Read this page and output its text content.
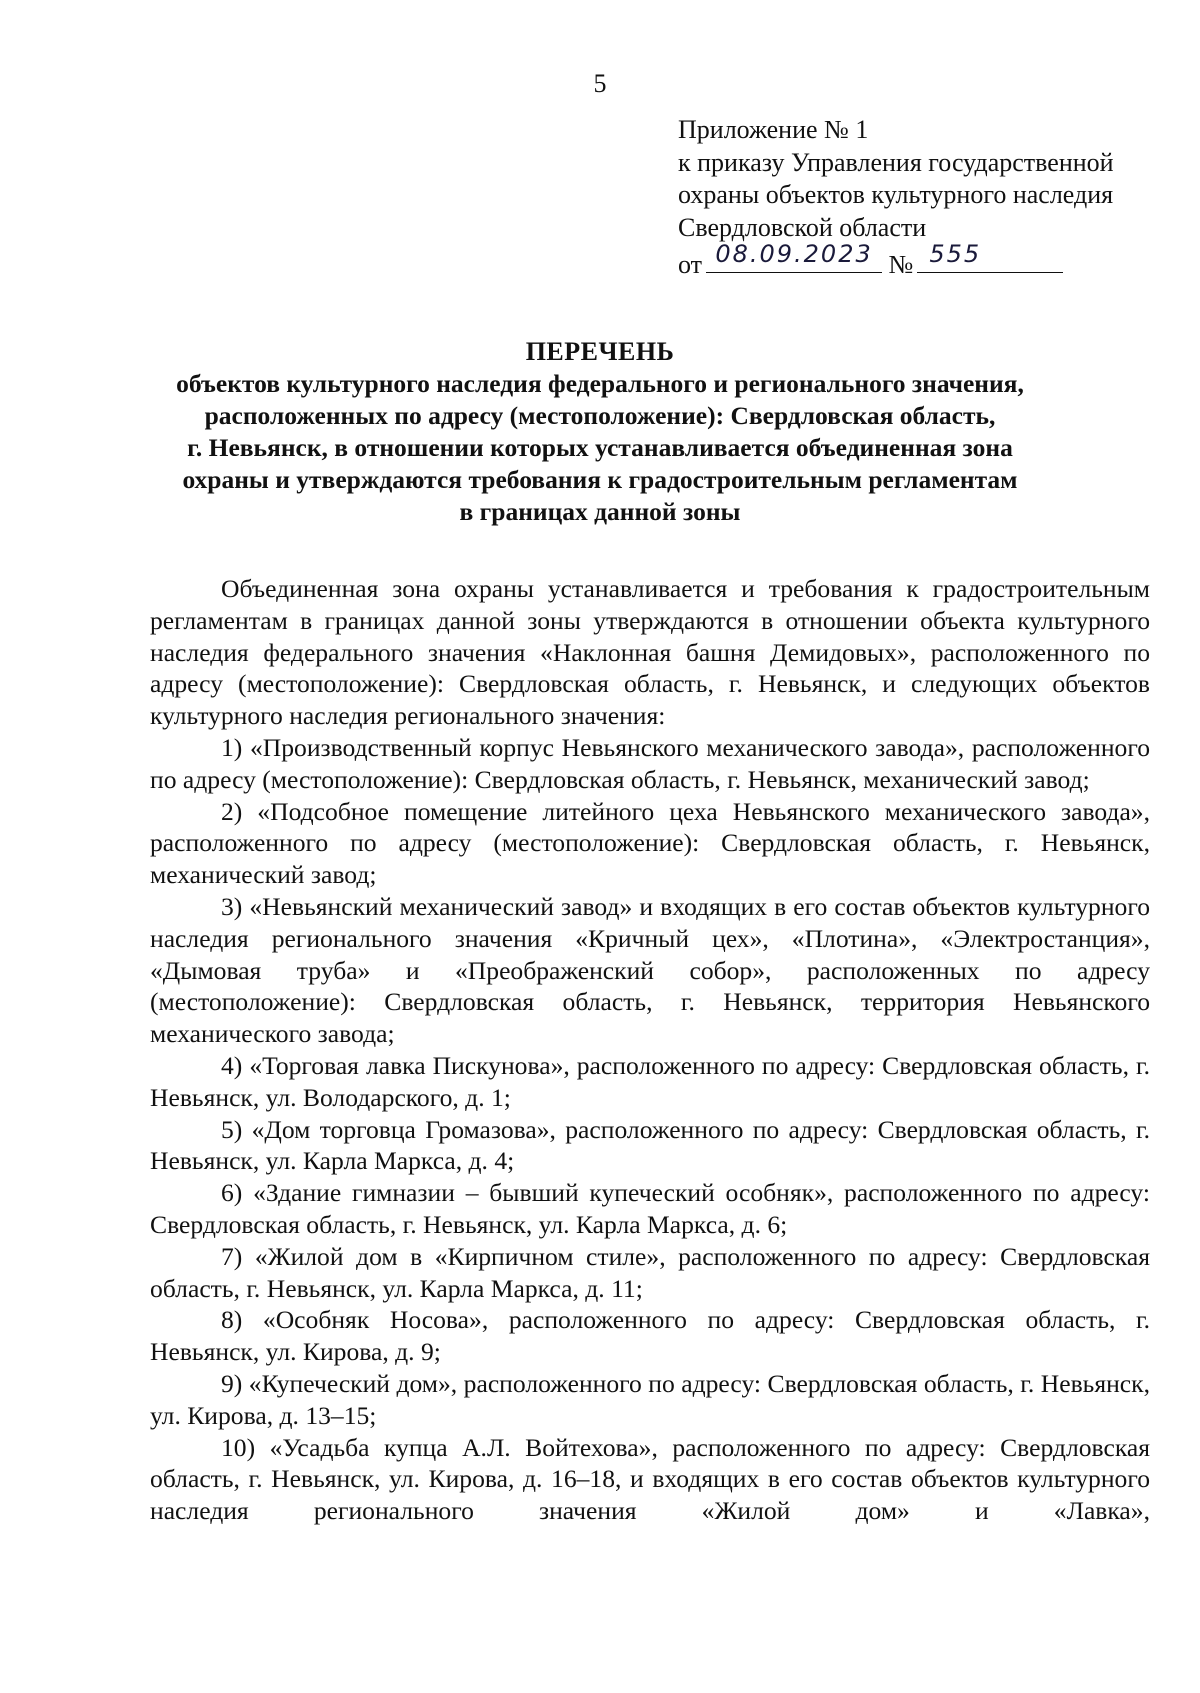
5
Приложение № 1
к приказу Управления государственной
охраны объектов культурного наследия
Свердловской области
от 08.09.2023 № 555
ПЕРЕЧЕНЬ
объектов культурного наследия федерального и регионального значения,
расположенных по адресу (местоположение): Свердловская область,
г. Невьянск, в отношении которых устанавливается объединенная зона
охраны и утверждаются требования к градостроительным регламентам
в границах данной зоны

Объединенная зона охраны устанавливается и требования к градостроительным регламентам в границах данной зоны утверждаются в отношении объекта культурного наследия федерального значения «Наклонная башня Демидовых», расположенного по адресу (местоположение): Свердловская область, г. Невьянск, и следующих объектов культурного наследия регионального значения:

1) «Производственный корпус Невьянского механического завода», расположенного по адресу (местоположение): Свердловская область, г. Невьянск, механический завод;

2) «Подсобное помещение литейного цеха Невьянского механического завода», расположенного по адресу (местоположение): Свердловская область, г. Невьянск, механический завод;

3) «Невьянский механический завод» и входящих в его состав объектов культурного наследия регионального значения «Кричный цех», «Плотина», «Электростанция», «Дымовая труба» и «Преображенский собор», расположенных по адресу (местоположение): Свердловская область, г. Невьянск, территория Невьянского механического завода;

4) «Торговая лавка Пискунова», расположенного по адресу: Свердловская область, г. Невьянск, ул. Володарского, д. 1;

5) «Дом торговца Громазова», расположенного по адресу: Свердловская область, г. Невьянск, ул. Карла Маркса, д. 4;

6) «Здание гимназии – бывший купеческий особняк», расположенного по адресу: Свердловская область, г. Невьянск, ул. Карла Маркса, д. 6;

7) «Жилой дом в «Кирпичном стиле», расположенного по адресу: Свердловская область, г. Невьянск, ул. Карла Маркса, д. 11;

8) «Особняк Носова», расположенного по адресу: Свердловская область, г. Невьянск, ул. Кирова, д. 9;

9) «Купеческий дом», расположенного по адресу: Свердловская область, г. Невьянск, ул. Кирова, д. 13–15;

10) «Усадьба купца А.Л. Войтехова», расположенного по адресу: Свердловская область, г. Невьянск, ул. Кирова, д. 16–18, и входящих в его состав объектов культурного наследия регионального значения «Жилой дом» и «Лавка»,
